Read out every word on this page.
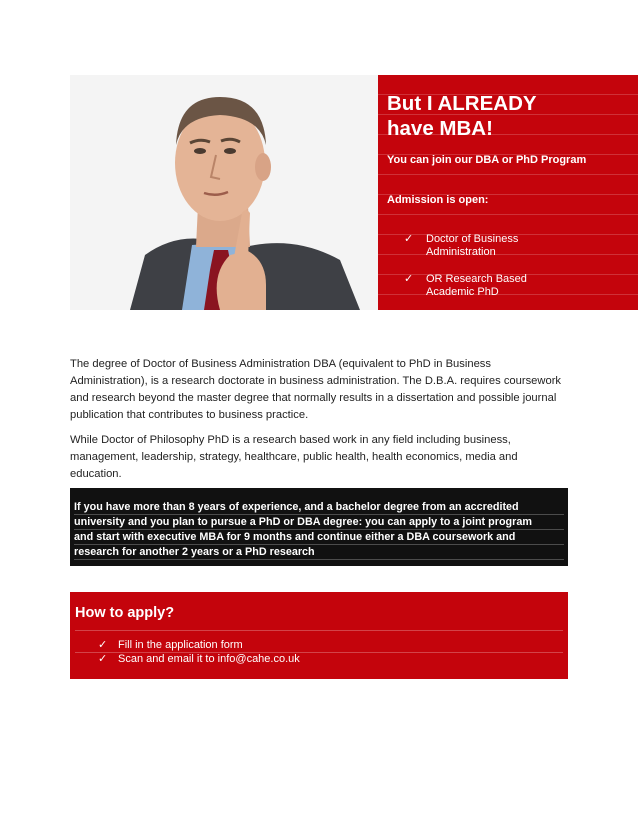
But I ALREADY
have MBA!
You can join our DBA or PhD Program
Admission is open:
✓ Doctor of Business
Administration
✓ OR Research Based
Academic PhD

The degree of Doctor of Business Administration DBA (equivalent to PhD in Business Administration), is a research doctorate in business administration. The D.B.A. requires coursework and research beyond the master degree that normally results in a dissertation and possible journal publication that contributes to business practice.

While Doctor of Philosophy PhD is a research based work in any field including business, management, leadership, strategy, healthcare, public health, health economics, media and education.

If you have more than 8 years of experience, and a bachelor degree from an accredited
university and you plan to pursue a PhD or DBA degree: you can apply to a joint program
and start with executive MBA for 9 months and continue either a DBA coursework and
research for another 2 years or a PhD research
How to apply?
✓ Fill in the application form
✓ Scan and email it to info@cahe.co.uk
